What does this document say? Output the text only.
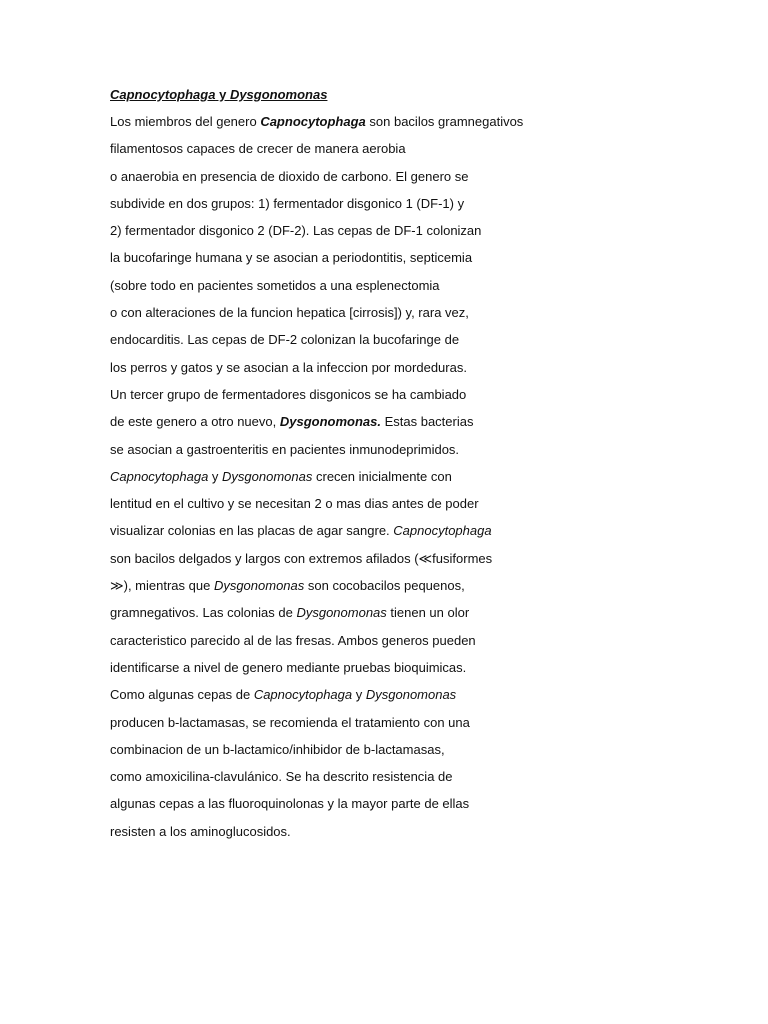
Capnocytophaga y Dysgonomonas
Los miembros del genero Capnocytophaga son bacilos gramnegativos
filamentosos capaces de crecer de manera aerobia
o anaerobia en presencia de dioxido de carbono. El genero se
subdivide en dos grupos: 1) fermentador disgonico 1 (DF-1) y
2) fermentador disgonico 2 (DF-2). Las cepas de DF-1 colonizan
la bucofaringe humana y se asocian a periodontitis, septicemia
(sobre todo en pacientes sometidos a una esplenectomia
o con alteraciones de la funcion hepatica [cirrosis]) y, rara vez,
endocarditis. Las cepas de DF-2 colonizan la bucofaringe de
los perros y gatos y se asocian a la infeccion por mordeduras.
Un tercer grupo de fermentadores disgonicos se ha cambiado
de este genero a otro nuevo, Dysgonomonas. Estas bacterias
se asocian a gastroenteritis en pacientes inmunodeprimidos.
Capnocytophaga y Dysgonomonas crecen inicialmente con
lentitud en el cultivo y se necesitan 2 o mas dias antes de poder
visualizar colonias en las placas de agar sangre. Capnocytophaga
son bacilos delgados y largos con extremos afilados (≪fusiformes
≫), mientras que Dysgonomonas son cocobacilos pequenos,
gramnegativos. Las colonias de Dysgonomonas tienen un olor
caracteristico parecido al de las fresas. Ambos generos pueden
identificarse a nivel de genero mediante pruebas bioquimicas.
Como algunas cepas de Capnocytophaga y Dysgonomonas
producen b-lactamasas, se recomienda el tratamiento con una
combinacion de un b-lactamico/inhibidor de b-lactamasas,
como amoxicilina-clavulánico. Se ha descrito resistencia de
algunas cepas a las fluoroquinolonas y la mayor parte de ellas
resisten a los aminoglucosidos.
